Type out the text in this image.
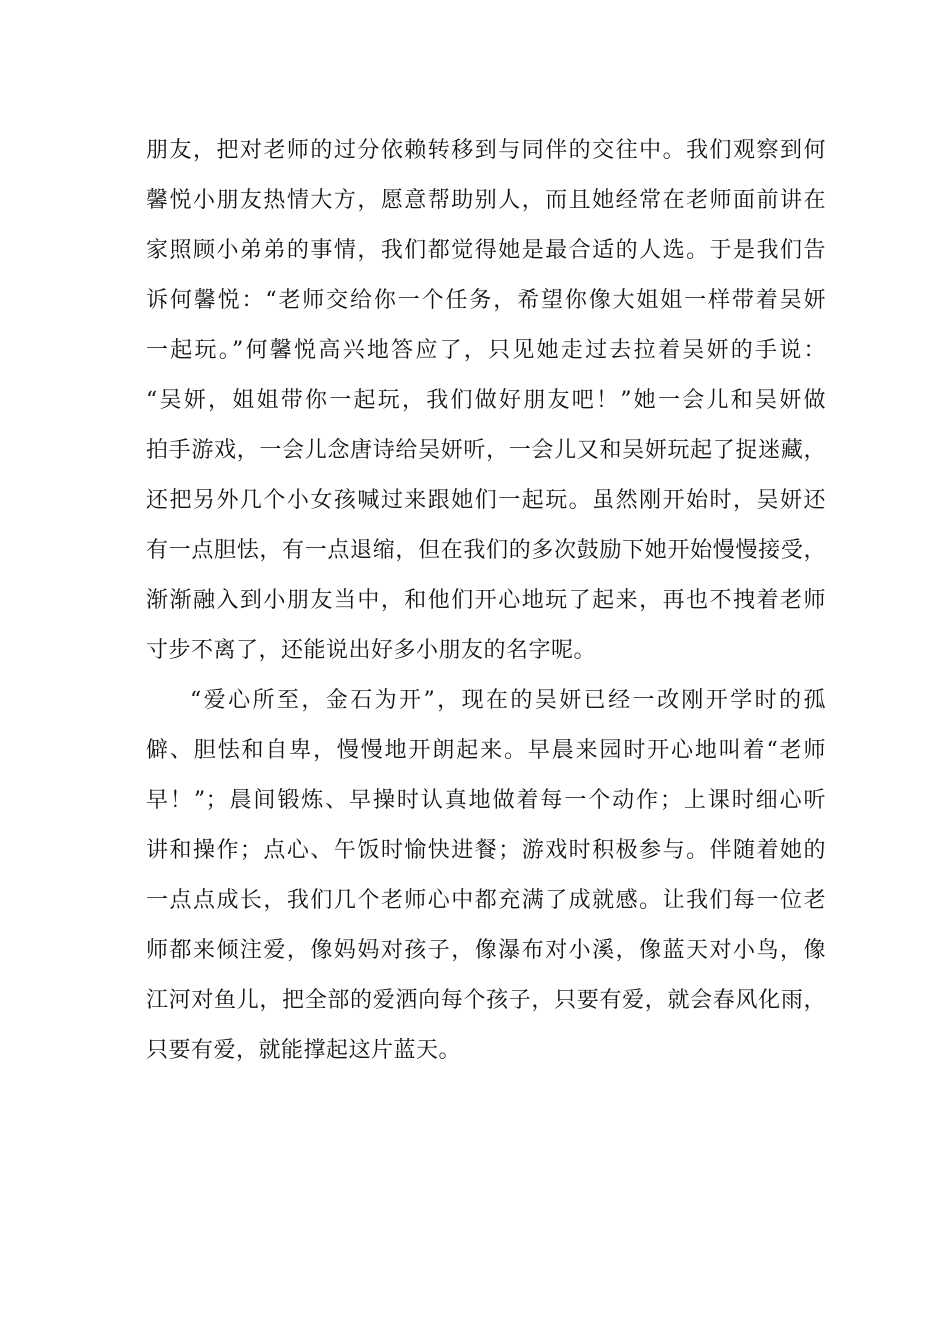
朋友，把对老师的过分依赖转移到与同伴的交往中。我们观察到何
馨悦小朋友热情大方，愿意帮助别人，而且她经常在老师面前讲在
家照顾小弟弟的事情，我们都觉得她是最合适的人选。于是我们告
诉何馨悦：“老师交给你一个任务，希望你像大姐姐一样带着吴妍
一起玩。”何馨悦高兴地答应了，只见她走过去拉着吴妍的手说：
“吴妍，姐姐带你一起玩，我们做好朋友吧！”她一会儿和吴妍做
拍手游戏，一会儿念唐诗给吴妍听，一会儿又和吴妍玩起了捉迷藏，
还把另外几个小女孩喊过来跟她们一起玩。虽然刚开始时，吴妍还
有一点胆怯，有一点退缩，但在我们的多次鼓励下她开始慢慢接受，
渐渐融入到小朋友当中，和他们开心地玩了起来，再也不拽着老师
寸步不离了，还能说出好多小朋友的名字呢。
“爱心所至，金石为开”，现在的吴妍已经一改刚开学时的孤
僻、胆怯和自卑，慢慢地开朗起来。早晨来园时开心地叫着“老师
早！”；晨间锻炼、早操时认真地做着每一个动作；上课时细心听
讲和操作；点心、午饭时愉快进餐；游戏时积极参与。伴随着她的
一点点成长，我们几个老师心中都充满了成就感。让我们每一位老
师都来倾注爱，像妈妈对孩子，像瀑布对小溪，像蓝天对小鸟，像
江河对鱼儿，把全部的爱洒向每个孩子，只要有爱，就会春风化雨，
只要有爱，就能撑起这片蓝天。
